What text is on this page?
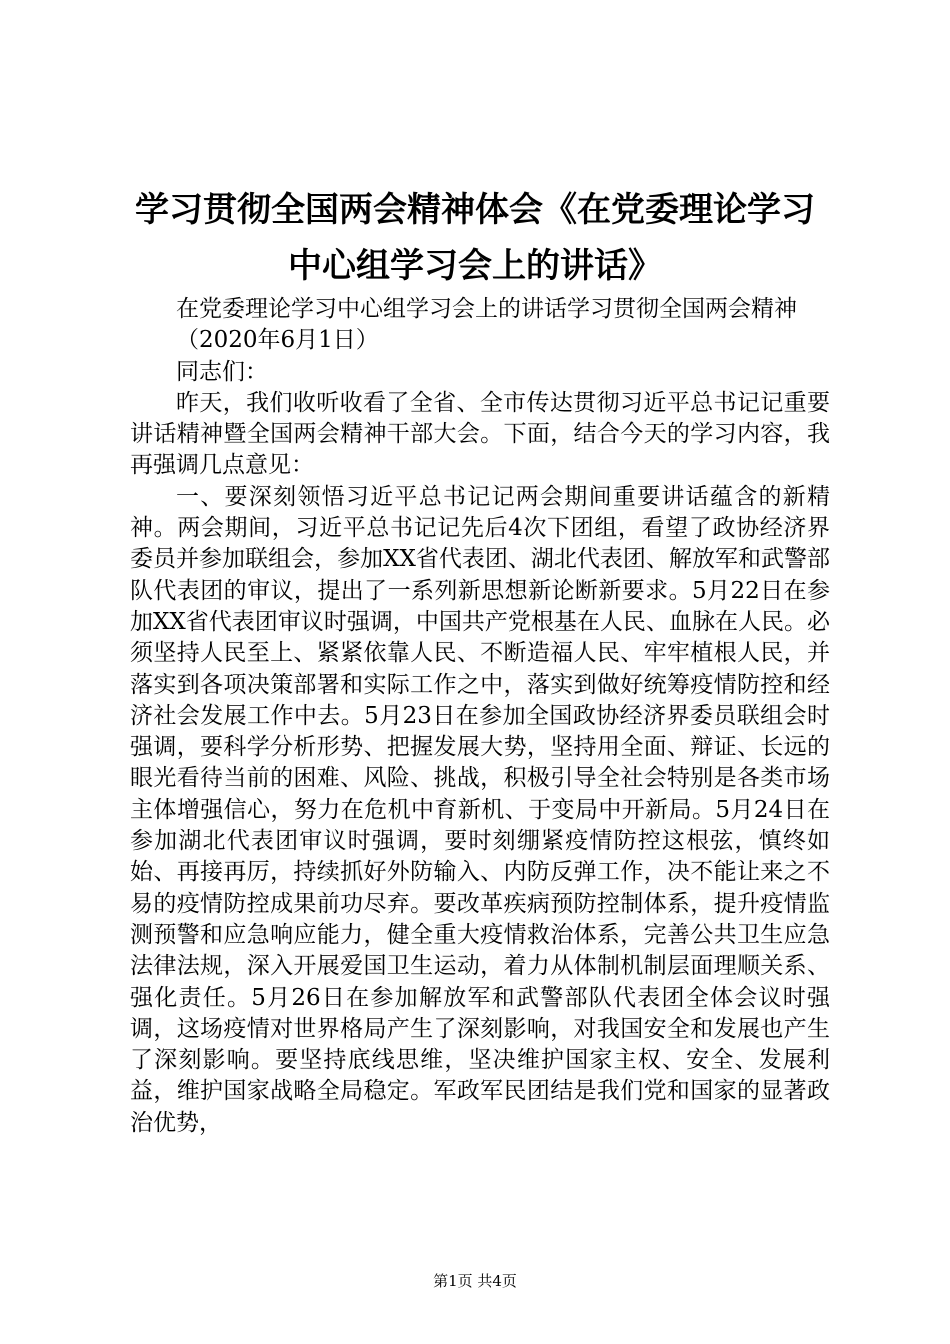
学习贯彻全国两会精神体会《在党委理论学习
中心组学习会上的讲话》

在党委理论学习中心组学习会上的讲话学习贯彻全国两会精神

（2020年6月1日）

同志们：

昨天，我们收听收看了全省、全市传达贯彻习近平总书记记重要讲话精神暨全国两会精神干部大会。下面，结合今天的学习内容，我再强调几点意见：

一、要深刻领悟习近平总书记记两会期间重要讲话蕴含的新精神。两会期间，习近平总书记记先后4次下团组，看望了政协经济界委员并参加联组会，参加XX省代表团、湖北代表团、解放军和武警部队代表团的审议，提出了一系列新思想新论断新要求。5月22日在参加XX省代表团审议时强调，中国共产党根基在人民、血脉在人民。必须坚持人民至上、紧紧依靠人民、不断造福人民、牢牢植根人民，并落实到各项决策部署和实际工作之中，落实到做好统筹疫情防控和经济社会发展工作中去。5月23日在参加全国政协经济界委员联组会时强调，要科学分析形势、把握发展大势，坚持用全面、辩证、长远的眼光看待当前的困难、风险、挑战，积极引导全社会特别是各类市场主体增强信心，努力在危机中育新机、于变局中开新局。5月24日在参加湖北代表团审议时强调，要时刻绷紧疫情防控这根弦，慎终如始、再接再厉，持续抓好外防输入、内防反弹工作，决不能让来之不易的疫情防控成果前功尽弃。要改革疾病预防控制体系，提升疫情监测预警和应急响应能力，健全重大疫情救治体系，完善公共卫生应急法律法规，深入开展爱国卫生运动，着力从体制机制层面理顺关系、强化责任。5月26日在参加解放军和武警部队代表团全体会议时强调，这场疫情对世界格局产生了深刻影响，对我国安全和发展也产生了深刻影响。要坚持底线思维，坚决维护国家主权、安全、发展利益，维护国家战略全局稳定。军政军民团结是我们党和国家的显著政治优势，

第1页 共4页
